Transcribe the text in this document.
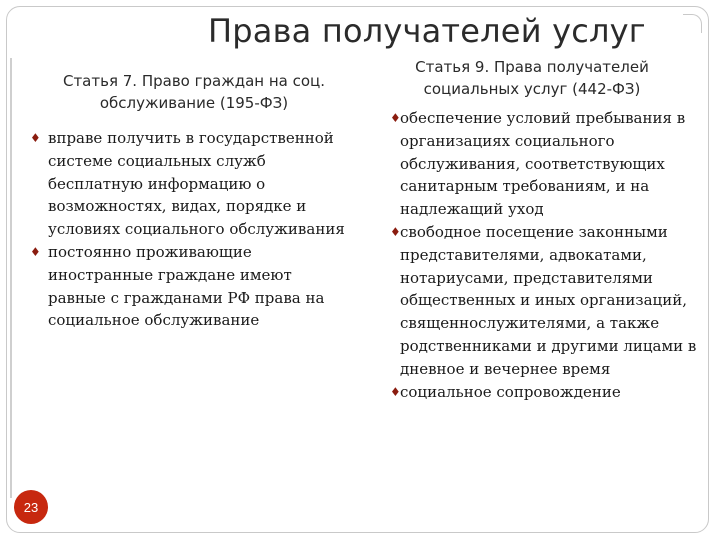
Права получателей услуг
Статья 7. Право граждан на соц. обслуживание (195-ФЗ)
♦ вправе получить в государственной системе социальных служб бесплатную информацию о возможностях, видах, порядке и условиях социального обслуживания
♦ постоянно проживающие иностранные граждане имеют равные с гражданами РФ права на социальное обслуживание
Статья 9. Права получателей социальных услуг (442-ФЗ)
♦ обеспечение условий пребывания в организациях социального обслуживания, соответствующих санитарным требованиям, и на надлежащий уход
♦ свободное посещение законными представителями, адвокатами, нотариусами, представителями общественных и иных организаций, священнослужителями, а также родственниками и другими лицами в дневное и вечернее время
♦ социальное сопровождение
23
